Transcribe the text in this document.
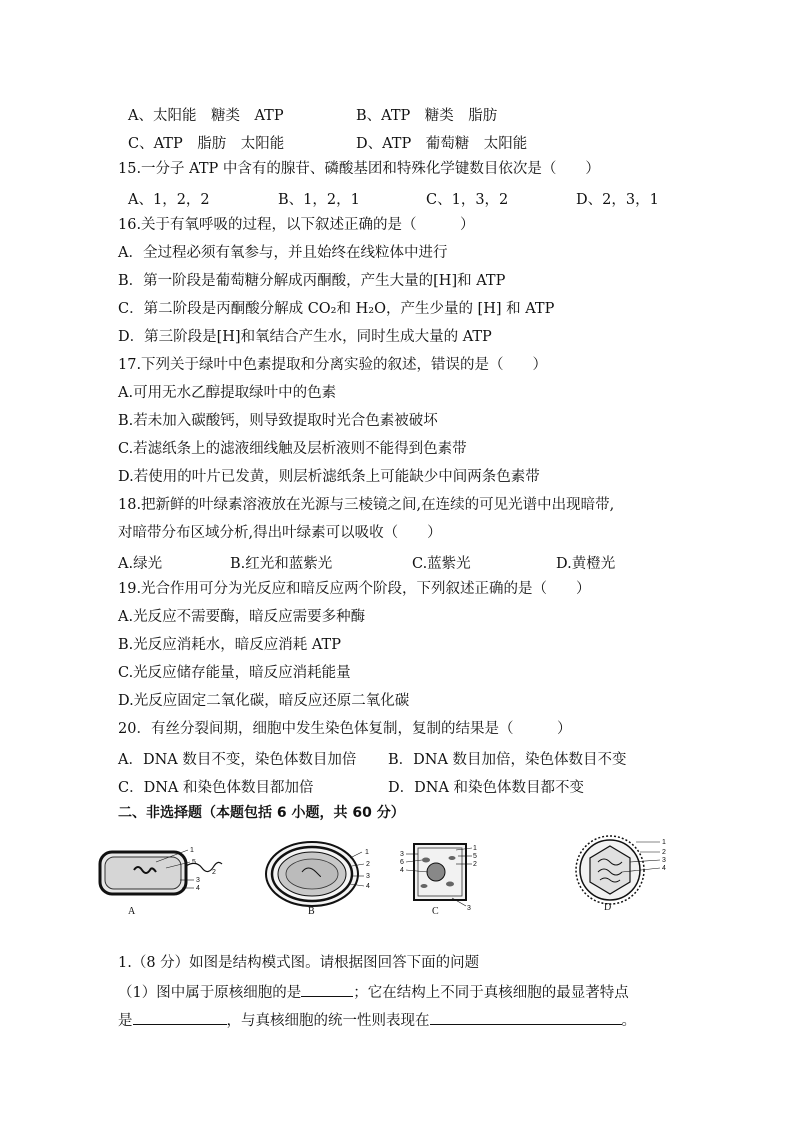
A、太阳能　糖类　ATP	B、ATP　糖类　脂肪
C、ATP　脂肪　太阳能	D、ATP　葡萄糖　太阳能
15.一分子 ATP 中含有的腺苷、磷酸基团和特殊化学键数目依次是（　　）
A、1，2，2	B、1，2，1	C、1，3，2	D、2，3，1
16.关于有氧呼吸的过程，以下叙述正确的是（　　　）
A．全过程必须有氧参与，并且始终在线粒体中进行
B．第一阶段是葡萄糖分解成丙酮酸，产生大量的[H]和 ATP
C．第二阶段是丙酮酸分解成 CO₂和 H₂O，产生少量的 [H] 和 ATP
D．第三阶段是[H]和氧结合产生水，同时生成大量的 ATP
17.下列关于绿叶中色素提取和分离实验的叙述，错误的是（　　）
A.可用无水乙醇提取绿叶中的色素
B.若未加入碳酸钙，则导致提取时光合色素被破坏
C.若滤纸条上的滤液细线触及层析液则不能得到色素带
D.若使用的叶片已发黄，则层析滤纸条上可能缺少中间两条色素带
18.把新鲜的叶绿素溶液放在光源与三棱镜之间,在连续的可见光谱中出现暗带,
对暗带分布区域分析,得出叶绿素可以吸收（　　）
A.绿光	B.红光和蓝紫光	C.蓝紫光	D.黄橙光
19.光合作用可分为光反应和暗反应两个阶段，下列叙述正确的是（　　）
A.光反应不需要酶，暗反应需要多种酶
B.光反应消耗水，暗反应消耗 ATP
C.光反应储存能量，暗反应消耗能量
D.光反应固定二氧化碳，暗反应还原二氧化碳
20．有丝分裂间期，细胞中发生染色体复制，复制的结果是（　　　）
A．DNA 数目不变，染色体数目加倍 B．DNA 数目加倍，染色体数目不变
C．DNA 和染色体数目都加倍	D．DNA 和染色体数目都不变
二、非选择题（本题包括 6 小题，共 60 分）
1
5
3
4
2
A
1
2
3
4
B
3
6
4
1
5
2
3
C
1
2
3
4
D
1.（8 分）如图是结构模式图。请根据图回答下面的问题
（1）图中属于原核细胞的是	；它在结构上不同于真核细胞的最显著特点
是	，与真核细胞的统一性则表现在	。
